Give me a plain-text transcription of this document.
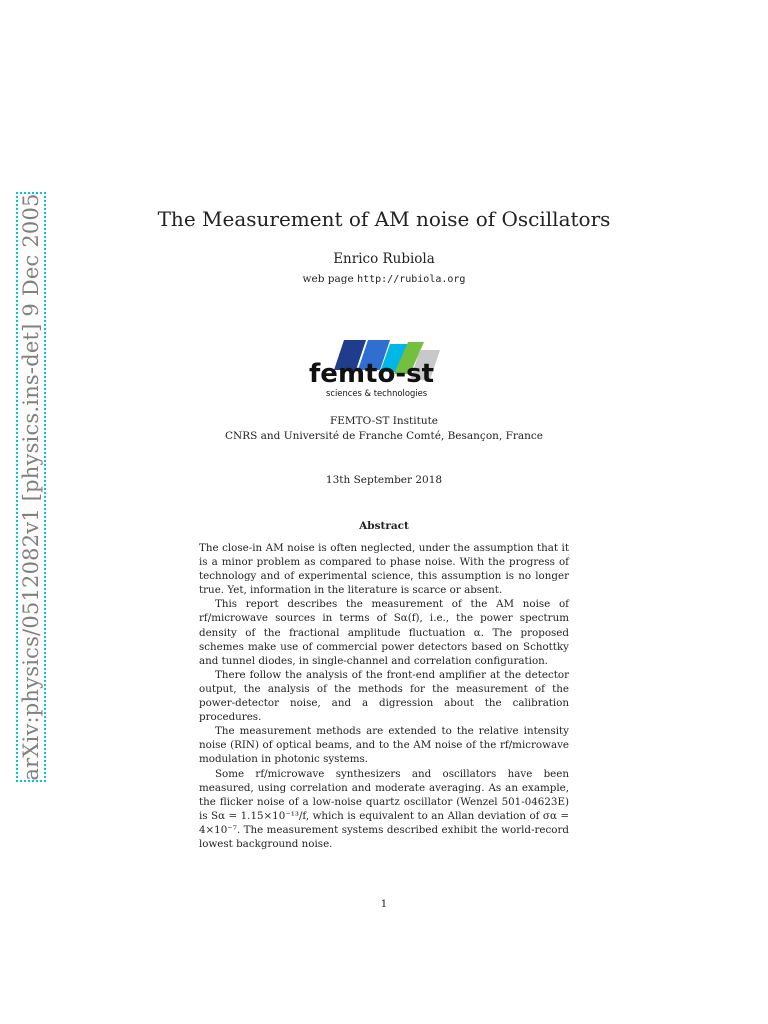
arXiv:physics/0512082v1 [physics.ins-det] 9 Dec 2005	The Measurement of AM noise of Oscillators
Enrico Rubiola
web page http://rubiola.org
femto-st
sciences & technologies
FEMTO-ST Institute
CNRS and Université de Franche Comté, Besançon, France
13th September 2018
Abstract

The close-in AM noise is often neglected, under the assumption that it is a minor problem as compared to phase noise. With the progress of technology and of experimental science, this assumption is no longer true. Yet, information in the literature is scarce or absent.

This report describes the measurement of the AM noise of rf/microwave sources in terms of Sα(f), i.e., the power spectrum density of the fractional amplitude fluctuation α. The proposed schemes make use of commercial power detectors based on Schottky and tunnel diodes, in single-channel and correlation configuration.

There follow the analysis of the front-end amplifier at the detector output, the analysis of the methods for the measurement of the power-detector noise, and a digression about the calibration procedures.

The measurement methods are extended to the relative intensity noise (RIN) of optical beams, and to the AM noise of the rf/microwave modulation in photonic systems.

Some rf/microwave synthesizers and oscillators have been measured, using correlation and moderate averaging. As an example, the flicker noise of a low-noise quartz oscillator (Wenzel 501-04623E) is Sα = 1.15×10⁻¹³/f, which is equivalent to an Allan deviation of σα = 4×10⁻⁷. The measurement systems described exhibit the world-record lowest background noise.

1
